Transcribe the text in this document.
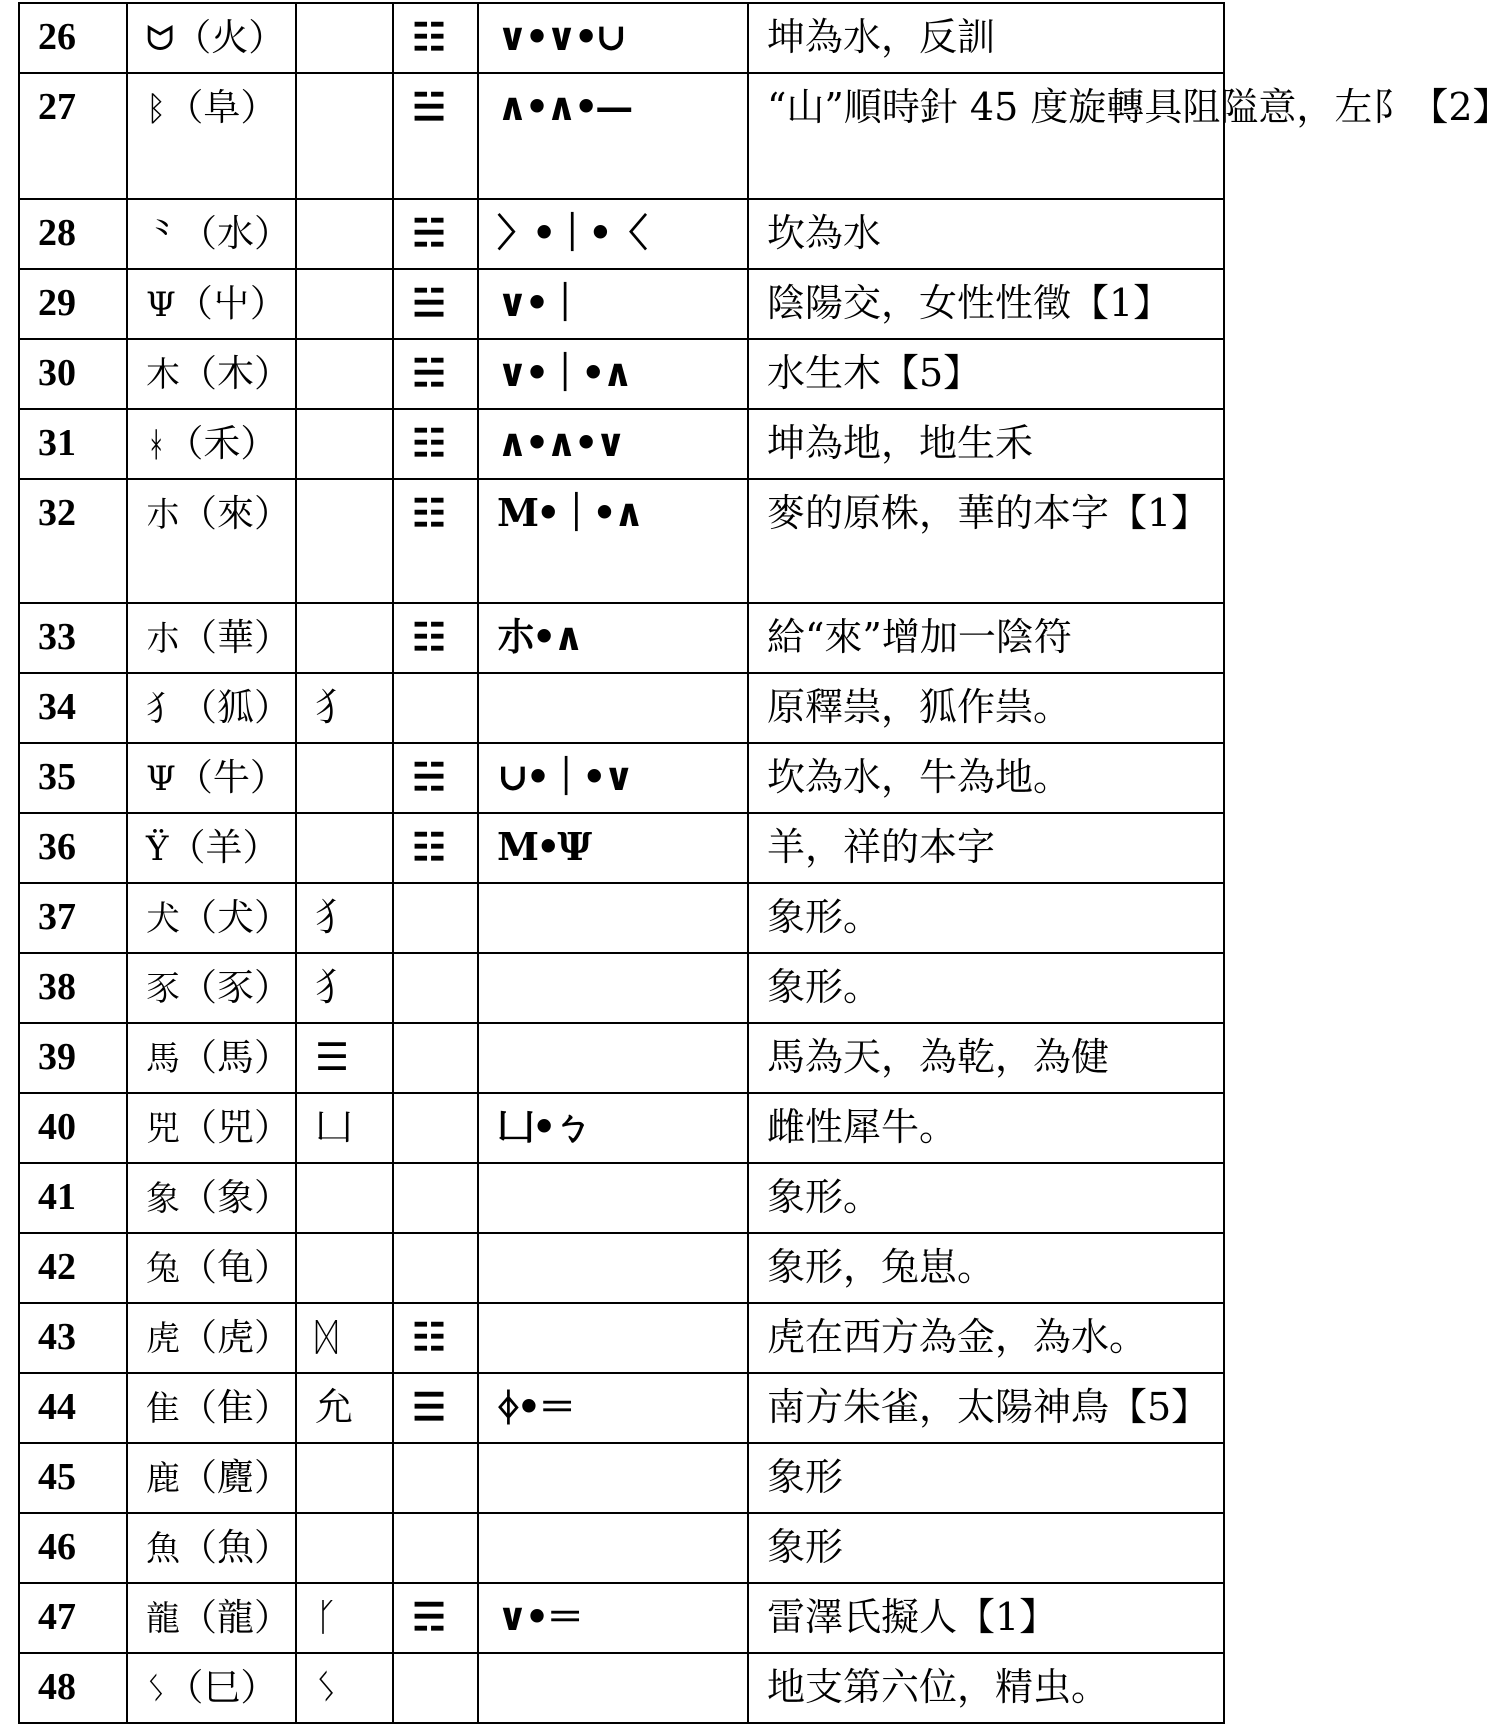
26	ᗢ（火）		☷	∨•∨•∪	坤為水，反訓
27	ᛒ（阜）		☱	∧•∧•—	“山”順時針 45 度旋轉具阻隘意，左阝【2】
28	⺀（水）		☵	〉•｜•〈	坎為水
29	Ψ（屮）		☱	∨•｜	陰陽交，女性性徵【1】
30	木（木）		☵	∨•｜•∧	水生木【5】
31	ᚼ（禾）		☷	∧•∧•∨	坤為地，地生禾
32	朩（來）		☷	M•｜•∧	麥的原株，華的本字【1】
33	朩（華）		☷	朩•∧	給“來”增加一陰符
34	犭（狐）	犭			原釋祟，狐作祟。
35	Ψ（牛）		☵	∪•｜•∨	坎為水，牛為地。
36	Ϋ（羊）		☷	M•Ψ	羊，祥的本字
37	犬（犬）	犭			象形。
38	豕（豕）	犭			象形。
39	馬（馬）	☰			馬為天，為乾，為健
40	兕（兕）	凵		凵•ㄅ	雌性犀牛。
41	象（象）				象形。
42	兔（龟）				象形，兔崽。
43	虎（虎）	ᛞ	☷		虎在西方為金，為水。
44	隹（隹）	允	☰	ᛄ•＝	南方朱雀，太陽神鳥【5】
45	鹿（麑）				象形
46	魚（魚）				象形
47	龍（龍）	ᚴ	☴	∨•＝	雷澤氏擬人【1】
48	ᛊ（巳）	ᛊ			地支第六位，精虫。
